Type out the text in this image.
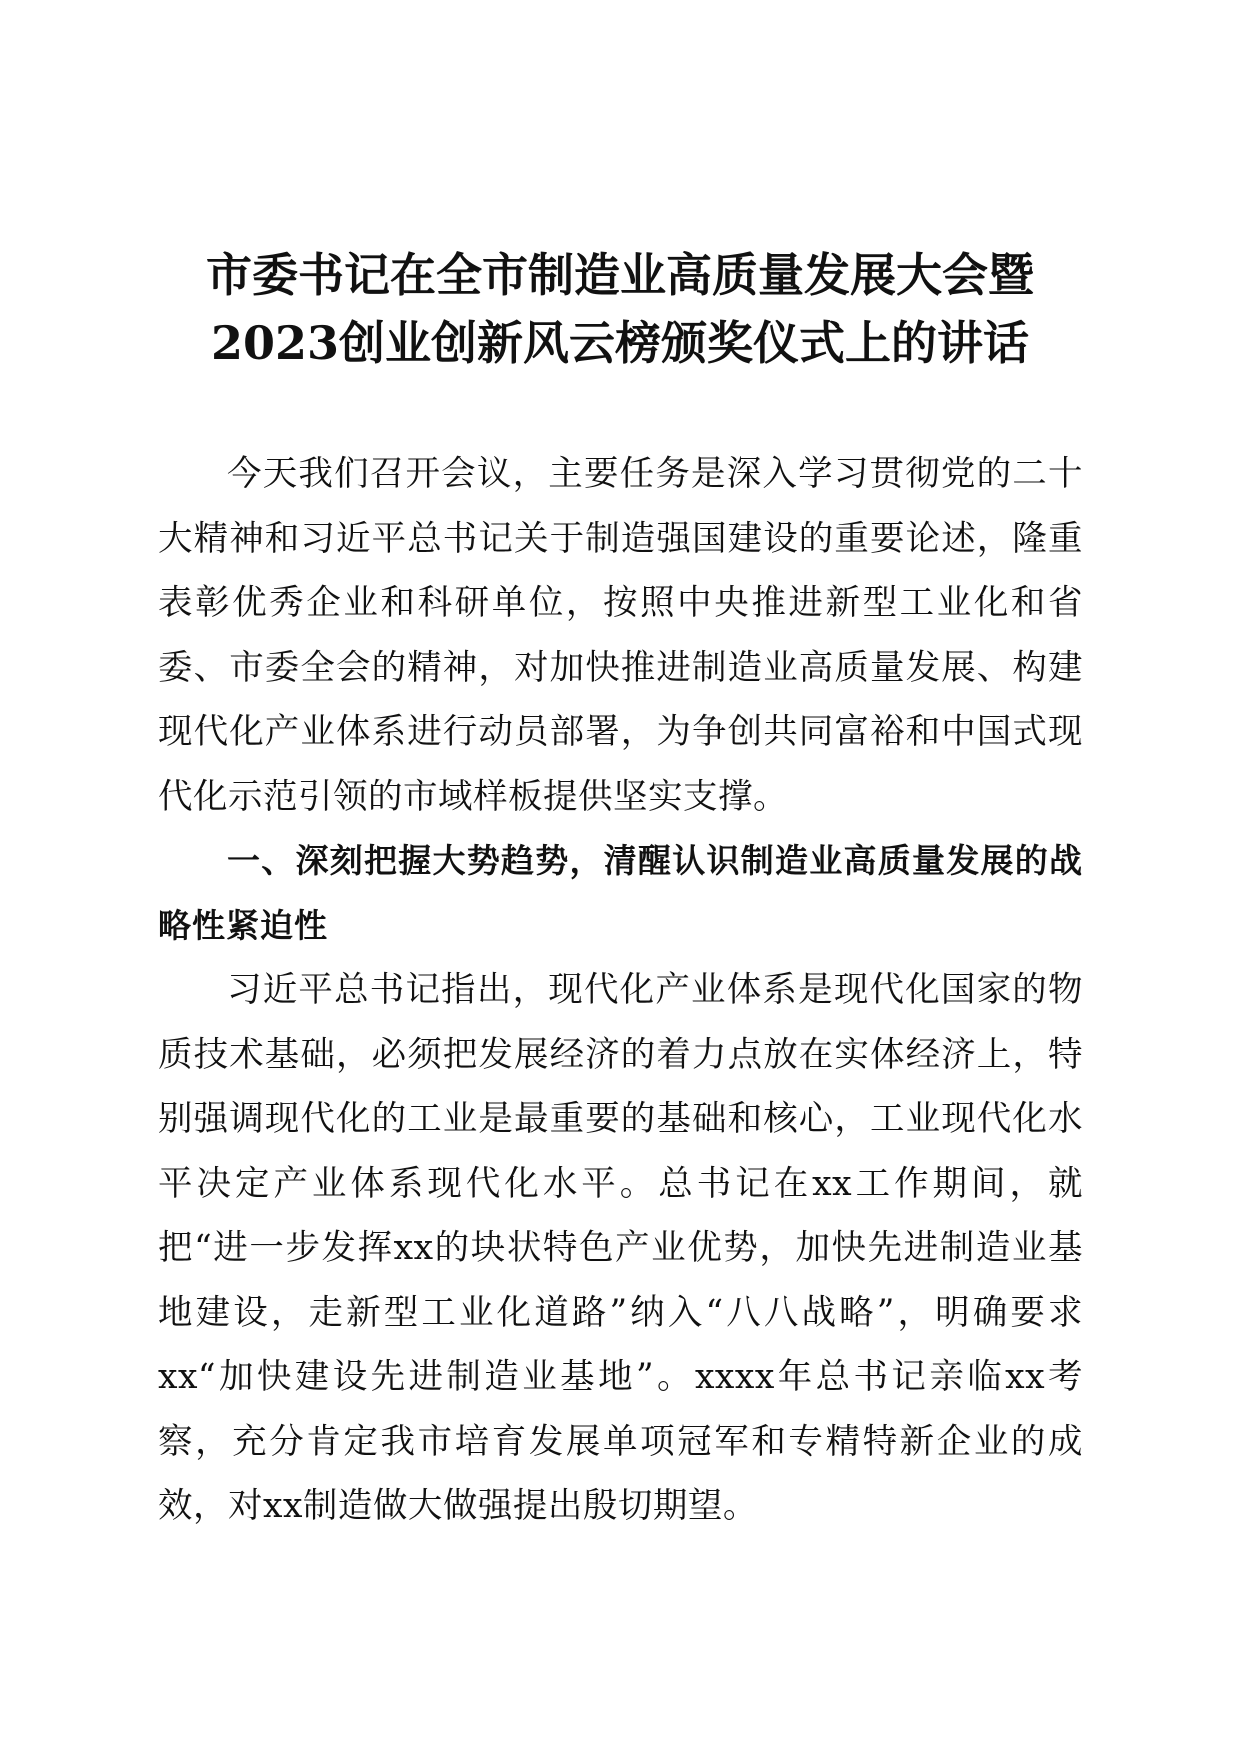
市委书记在全市制造业高质量发展大会暨
2023创业创新风云榜颁奖仪式上的讲话

今天我们召开会议，主要任务是深入学习贯彻党的二十大精神和习近平总书记关于制造强国建设的重要论述，隆重表彰优秀企业和科研单位，按照中央推进新型工业化和省委、市委全会的精神，对加快推进制造业高质量发展、构建现代化产业体系进行动员部署，为争创共同富裕和中国式现代化示范引领的市域样板提供坚实支撑。

一、深刻把握大势趋势，清醒认识制造业高质量发展的战略性紧迫性

习近平总书记指出，现代化产业体系是现代化国家的物质技术基础，必须把发展经济的着力点放在实体经济上，特别强调现代化的工业是最重要的基础和核心，工业现代化水平决定产业体系现代化水平。总书记在xx工作期间，就把“进一步发挥xx的块状特色产业优势，加快先进制造业基地建设，走新型工业化道路”纳入“八八战略”，明确要求xx“加快建设先进制造业基地”。xxxx年总书记亲临xx考察，充分肯定我市培育发展单项冠军和专精特新企业的成效，对xx制造做大做强提出殷切期望。
